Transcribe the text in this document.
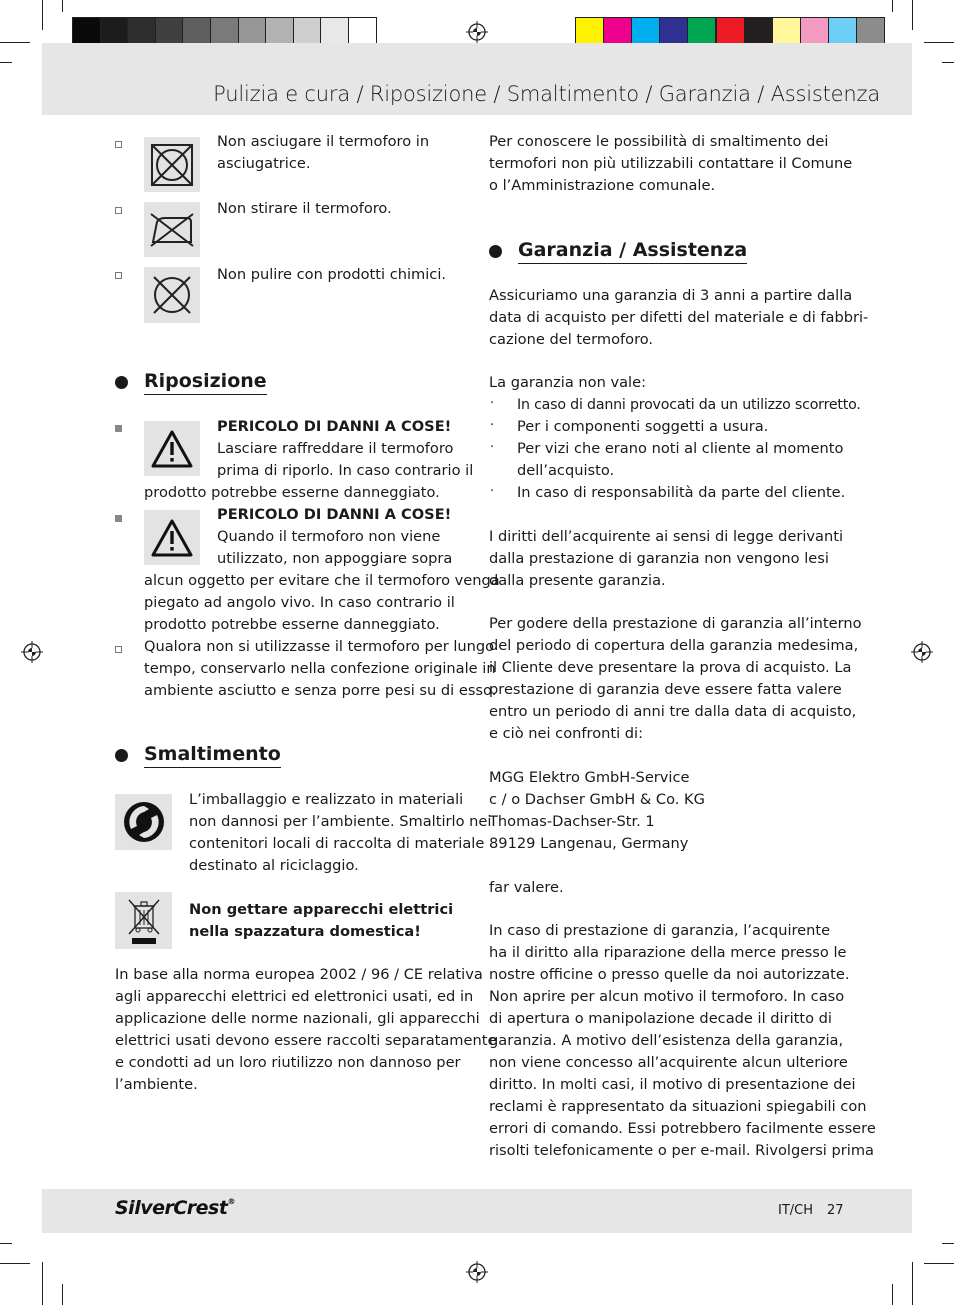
Pulizia e cura / Riposizione / Smaltimento / Garanzia / Assistenza
Non asciugare il termoforo in asciugatrice.
Non stirare il termoforo.
Non pulire con prodotti chimici.
Riposizione
PERICOLO DI DANNI A COSE!
Lasciare raffreddare il termoforo
prima di riporlo. In caso contrario il
prodotto potrebbe esserne danneggiato.
PERICOLO DI DANNI A COSE!
Quando il termoforo non viene
utilizzato, non appoggiare sopra
alcun oggetto per evitare che il termoforo venga
piegato ad angolo vivo. In caso contrario il
prodotto potrebbe esserne danneggiato.
Qualora non si utilizzasse il termoforo per lungo
tempo, conservarlo nella confezione originale in
ambiente asciutto e senza porre pesi su di esso.
Smaltimento
L’imballaggio e realizzato in materiali
non dannosi per l’ambiente. Smaltirlo nei
contenitori locali di raccolta di materiale
destinato al riciclaggio.
Non gettare apparecchi elettrici
nella spazzatura domestica!
In base alla norma europea 2002 / 96 / CE relativa
agli apparecchi elettrici ed elettronici usati, ed in
applicazione delle norme nazionali, gli apparecchi
elettrici usati devono essere raccolti separatamente
e condotti ad un loro riutilizzo non dannoso per
l’ambiente.
Per conoscere le possibilità di smaltimento dei
termofori non più utilizzabili contattare il Comune
o l’Amministrazione comunale.
Garanzia / Assistenza
Assicuriamo una garanzia di 3 anni a partire dalla
data di acquisto per difetti del materiale e di fabbri-
cazione del termoforo.
La garanzia non vale:
· In caso di danni provocati da un utilizzo scorretto.
· Per i componenti soggetti a usura.
· Per vizi che erano noti al cliente al momento
dell’acquisto.
· In caso di responsabilità da parte del cliente.
I diritti dell’acquirente ai sensi di legge derivanti
dalla prestazione di garanzia non vengono lesi
dalla presente garanzia.
Per godere della prestazione di garanzia all’interno
del periodo di copertura della garanzia medesima,
il Cliente deve presentare la prova di acquisto. La
prestazione di garanzia deve essere fatta valere
entro un periodo di anni tre dalla data di acquisto,
e ciò nei confronti di:
MGG Elektro GmbH-Service
c / o Dachser GmbH & Co. KG
Thomas-Dachser-Str. 1
89129 Langenau, Germany
far valere.
In caso di prestazione di garanzia, l’acquirente
ha il diritto alla riparazione della merce presso le
nostre officine o presso quelle da noi autorizzate.
Non aprire per alcun motivo il termoforo. In caso
di apertura o manipolazione decade il diritto di
garanzia. A motivo dell’esistenza della garanzia,
non viene concesso all’acquirente alcun ulteriore
diritto. In molti casi, il motivo di presentazione dei
reclami è rappresentato da situazioni spiegabili con
errori di comando. Essi potrebbero facilmente essere
risolti telefonicamente o per e-mail. Rivolgersi prima
SilverCrest®
IT/CH 27
